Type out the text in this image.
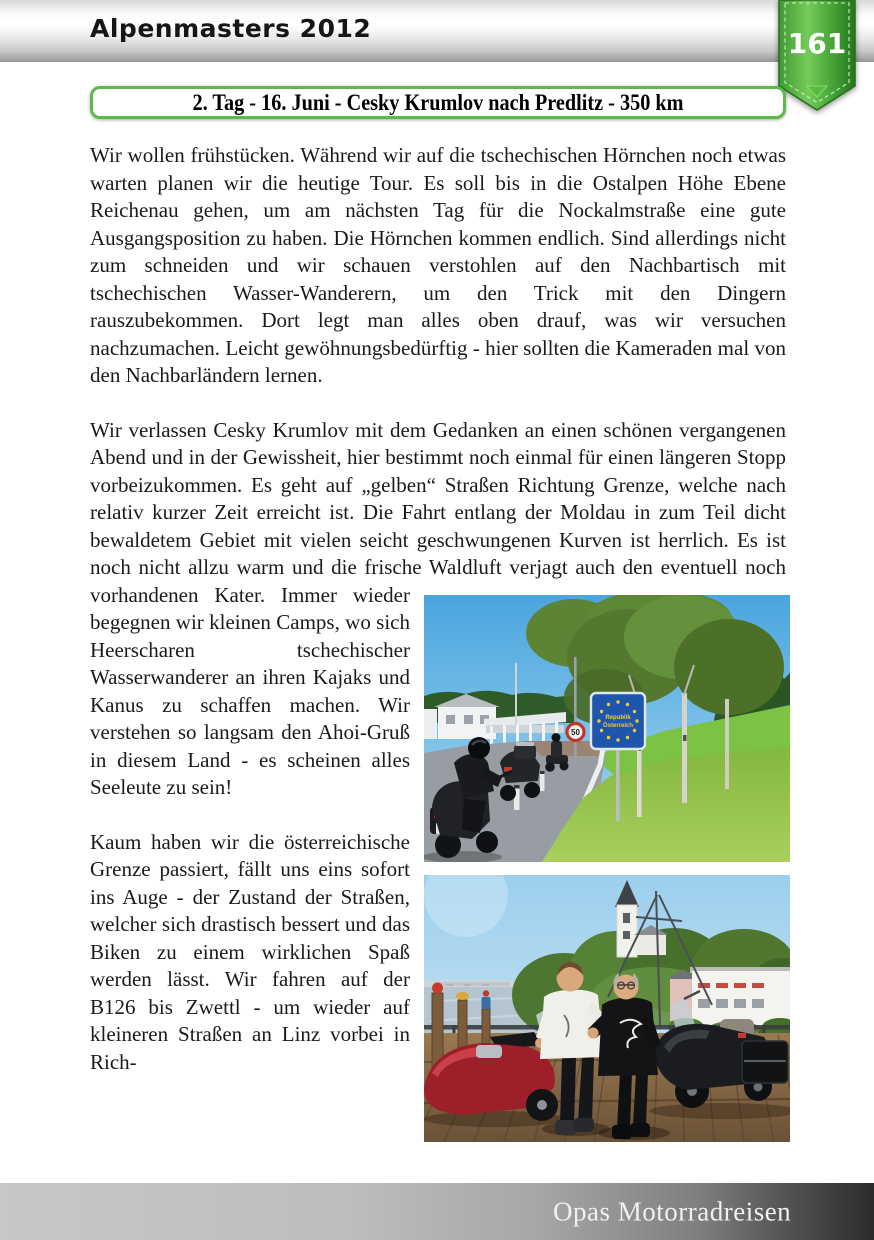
Alpenmasters 2012	161
2. Tag - 16. Juni - Cesky Krumlov nach Predlitz - 350 km

Wir wollen frühstücken. Während wir auf die tschechischen Hörnchen noch etwas warten planen wir die heutige Tour. Es soll bis in die Ostalpen Höhe Ebene Reichenau gehen, um am nächsten Tag für die Nockalmstraße eine gute Ausgangsposition zu haben. Die Hörnchen kommen endlich. Sind allerdings nicht zum schneiden und wir schauen verstohlen auf den Nachbartisch mit tschechischen Wasser-Wanderern, um den Trick mit den Dingern rauszubekommen. Dort legt man alles oben drauf, was wir versuchen nachzumachen. Leicht gewöhnungsbedürftig - hier sollten die Kameraden mal von den Nachbarländern lernen.

50
Republik
Österreich
Wir verlassen Cesky Krumlov mit dem Gedanken an einen schönen vergangenen Abend und in der Gewissheit, hier bestimmt noch einmal für einen längeren Stopp vorbeizukommen. Es geht auf „gelben“ Straßen Richtung Grenze, welche nach relativ kurzer Zeit erreicht ist. Die Fahrt entlang der Moldau in zum Teil dicht bewaldetem Gebiet mit vielen seicht geschwungenen Kurven ist herrlich. Es ist noch nicht allzu warm und die frische Waldluft verjagt auch den eventuell noch vorhandenen Kater. Immer wieder begegnen wir kleinen Camps, wo sich Heerscharen tschechischer Wasserwanderer an ihren Kajaks und Kanus zu schaffen machen. Wir verstehen so langsam den Ahoi-Gruß in diesem Land - es scheinen alles Seeleute zu sein!

Kaum haben wir die österreichische Grenze passiert, fällt uns eins sofort ins Auge - der Zustand der Straßen, welcher sich drastisch bessert und das Biken zu einem wirklichen Spaß werden lässt. Wir fahren auf der B126 bis Zwettl - um wieder auf kleineren Straßen an Linz vorbei in Rich-

Opas Motorradreisen
